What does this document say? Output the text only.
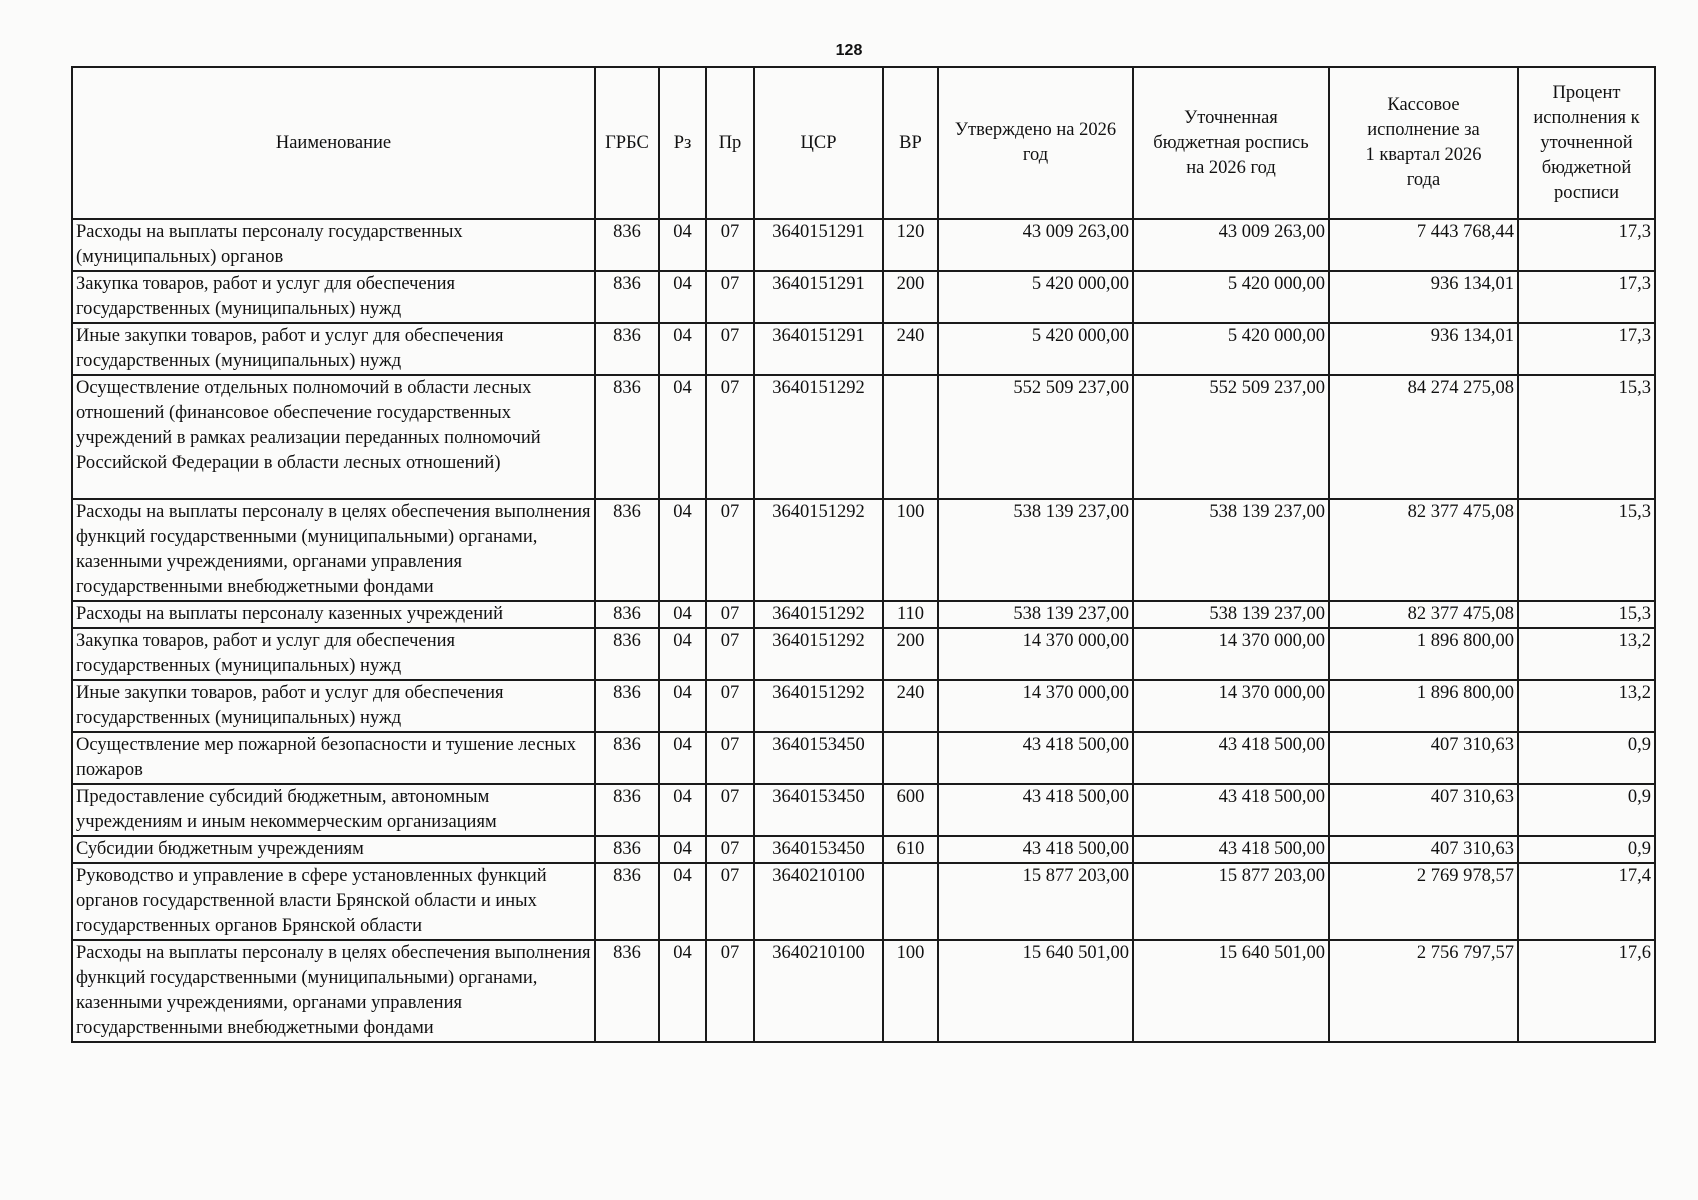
128
Наименование	ГРБС	Рз	Пр	ЦСР	ВР	Утверждено на 2026 год	Уточненная бюджетная роспись на 2026 год	Кассовое исполнение за 1 квартал 2026 года	Процент исполнения к уточненной бюджетной росписи
Расходы на выплаты персоналу государственных (муниципальных) органов	836	04	07	3640151291	120	43 009 263,00	43 009 263,00	7 443 768,44	17,3
Закупка товаров, работ и услуг для обеспечения государственных (муниципальных) нужд	836	04	07	3640151291	200	5 420 000,00	5 420 000,00	936 134,01	17,3
Иные закупки товаров, работ и услуг для обеспечения государственных (муниципальных) нужд	836	04	07	3640151291	240	5 420 000,00	5 420 000,00	936 134,01	17,3
Осуществление отдельных полномочий в области лесных отношений (финансовое обеспечение государственных учреждений в рамках реализации переданных полномочий Российской Федерации в области лесных отношений)	836	04	07	3640151292		552 509 237,00	552 509 237,00	84 274 275,08	15,3
Расходы на выплаты персоналу в целях обеспечения выполнения функций государственными (муниципальными) органами, казенными учреждениями, органами управления государственными внебюджетными фондами	836	04	07	3640151292	100	538 139 237,00	538 139 237,00	82 377 475,08	15,3
Расходы на выплаты персоналу казенных учреждений	836	04	07	3640151292	110	538 139 237,00	538 139 237,00	82 377 475,08	15,3
Закупка товаров, работ и услуг для обеспечения государственных (муниципальных) нужд	836	04	07	3640151292	200	14 370 000,00	14 370 000,00	1 896 800,00	13,2
Иные закупки товаров, работ и услуг для обеспечения государственных (муниципальных) нужд	836	04	07	3640151292	240	14 370 000,00	14 370 000,00	1 896 800,00	13,2
Осуществление мер пожарной безопасности и тушение лесных пожаров	836	04	07	3640153450		43 418 500,00	43 418 500,00	407 310,63	0,9
Предоставление субсидий бюджетным, автономным учреждениям и иным некоммерческим организациям	836	04	07	3640153450	600	43 418 500,00	43 418 500,00	407 310,63	0,9
Субсидии бюджетным учреждениям	836	04	07	3640153450	610	43 418 500,00	43 418 500,00	407 310,63	0,9
Руководство и управление в сфере установленных функций органов государственной власти Брянской области и иных государственных органов Брянской области	836	04	07	3640210100		15 877 203,00	15 877 203,00	2 769 978,57	17,4
Расходы на выплаты персоналу в целях обеспечения выполнения функций государственными (муниципальными) органами, казенными учреждениями, органами управления государственными внебюджетными фондами	836	04	07	3640210100	100	15 640 501,00	15 640 501,00	2 756 797,57	17,6
